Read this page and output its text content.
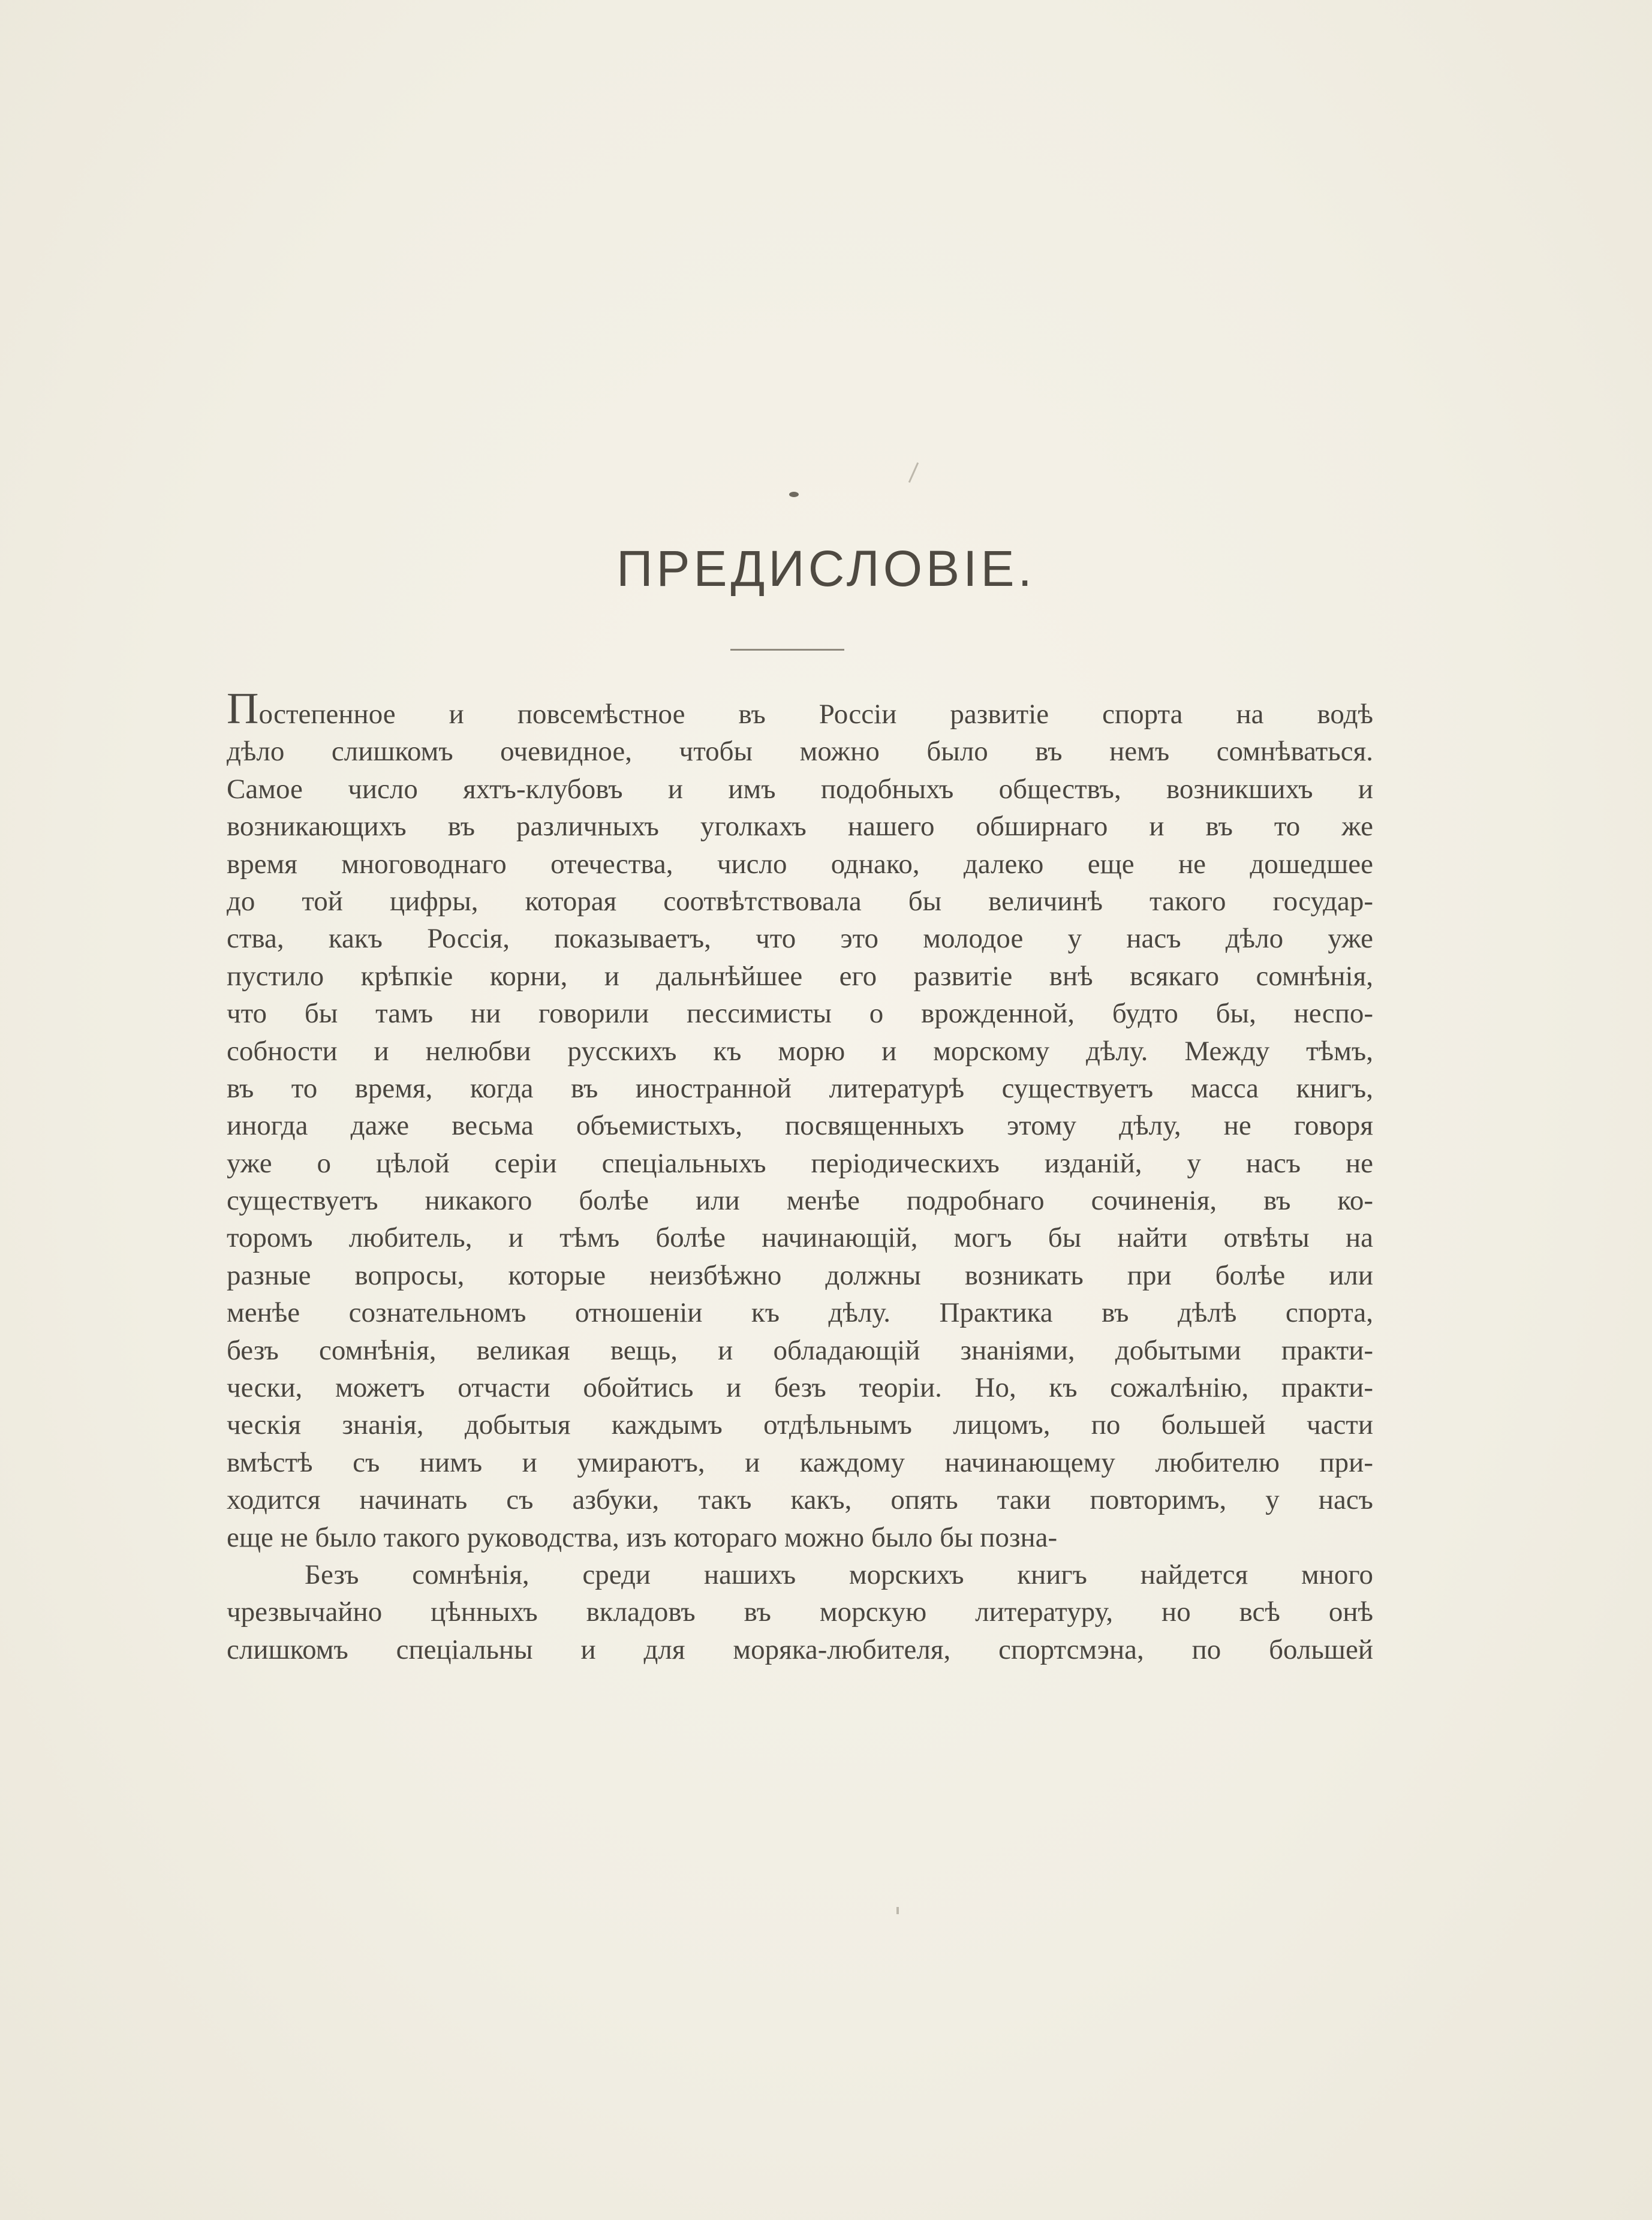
ПРЕДИСЛОВІЕ.
Постепенное и повсемѣстное въ Россіи развитіе спорта на водѣ
дѣло слишкомъ очевидное, чтобы можно было въ немъ сомнѣваться.
Самое число яхтъ-клубовъ и имъ подобныхъ обществъ, возникшихъ и
возникающихъ въ различныхъ уголкахъ нашего обширнаго и въ то же
время многоводнаго отечества, число однако, далеко еще не дошедшее
до той цифры, которая соотвѣтствовала бы величинѣ такого государ-
ства, какъ Россія, показываетъ, что это молодое у насъ дѣло уже
пустило крѣпкіе корни, и дальнѣйшее его развитіе внѣ всякаго сомнѣнія,
что бы тамъ ни говорили пессимисты о врожденной, будто бы, неспо-
собности и нелюбви русскихъ къ морю и морскому дѣлу. Между тѣмъ,
въ то время, когда въ иностранной литературѣ существуетъ масса книгъ,
иногда даже весьма объемистыхъ, посвященныхъ этому дѣлу, не говоря
уже о цѣлой серіи спеціальныхъ періодическихъ изданій, у насъ не
существуетъ никакого болѣе или менѣе подробнаго сочиненія, въ ко-
торомъ любитель, и тѣмъ болѣе начинающій, могъ бы найти отвѣты на
разные вопросы, которые неизбѣжно должны возникать при болѣе или
менѣе сознательномъ отношеніи къ дѣлу. Практика въ дѣлѣ спорта,
безъ сомнѣнія, великая вещь, и обладающій знаніями, добытыми практи-
чески, можетъ отчасти обойтись и безъ теоріи. Но, къ сожалѣнію, практи-
ческія знанія, добытыя каждымъ отдѣльнымъ лицомъ, по большей части
вмѣстѣ съ нимъ и умираютъ, и каждому начинающему любителю при-
ходится начинать съ азбуки, такъ какъ, опять таки повторимъ, у насъ
еще не было такого руководства, изъ котораго можно было бы позна-
Безъ сомнѣнія, среди нашихъ морскихъ книгъ найдется много
чрезвычайно цѣнныхъ вкладовъ въ морскую литературу, но всѣ онѣ
слишкомъ спеціальны и для моряка-любителя, спортсмэна, по большей
